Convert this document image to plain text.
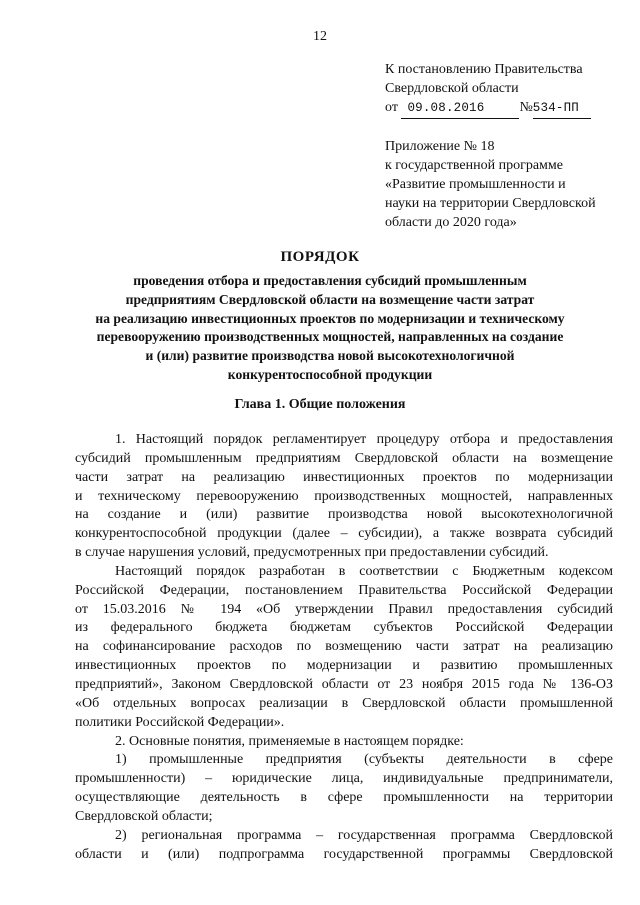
12
К постановлению Правительства
Свердловской области
от 09.08.2016 №534-ПП
Приложение № 18
к государственной программе
«Развитие промышленности и
науки на территории Свердловской
области до 2020 года»
ПОРЯДОК
проведения отбора и предоставления субсидий промышленным
предприятиям Свердловской области на возмещение части затрат
на реализацию инвестиционных проектов по модернизации и техническому
перевооружению производственных мощностей, направленных на создание
и (или) развитие производства новой высокотехнологичной
конкурентоспособной продукции
Глава 1. Общие положения
1. Настоящий порядок регламентирует процедуру отбора и предоставления
субсидий промышленным предприятиям Свердловской области на возмещение
части затрат на реализацию инвестиционных проектов по модернизации
и техническому перевооружению производственных мощностей, направленных
на создание и (или) развитие производства новой высокотехнологичной
конкурентоспособной продукции (далее – субсидии), а также возврата субсидий
в случае нарушения условий, предусмотренных при предоставлении субсидий.
Настоящий порядок разработан в соответствии с Бюджетным кодексом
Российской Федерации, постановлением Правительства Российской Федерации
от 15.03.2016 № 194 «Об утверждении Правил предоставления субсидий
из федерального бюджета бюджетам субъектов Российской Федерации
на софинансирование расходов по возмещению части затрат на реализацию
инвестиционных проектов по модернизации и развитию промышленных
предприятий», Законом Свердловской области от 23 ноября 2015 года № 136-ОЗ
«Об отдельных вопросах реализации в Свердловской области промышленной
политики Российской Федерации».
2. Основные понятия, применяемые в настоящем порядке:
1) промышленные предприятия (субъекты деятельности в сфере
промышленности) – юридические лица, индивидуальные предприниматели,
осуществляющие деятельность в сфере промышленности на территории
Свердловской области;
2) региональная программа – государственная программа Свердловской
области и (или) подпрограмма государственной программы Свердловской
